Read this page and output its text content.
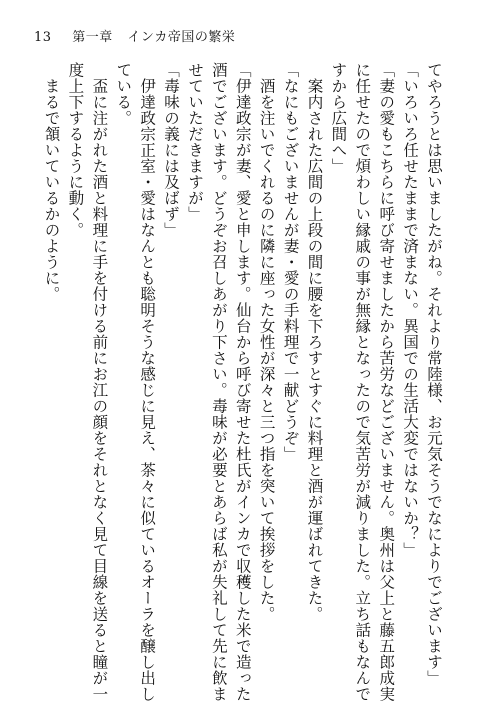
13 第一章 インカ帝国の繁栄
てやろうとは思いましたがね。それより常陸様、お元気そうでなによりでございます」
「いろいろ任せたままで済まない。異国での生活大変ではないか？」
「妻の愛もこちらに呼び寄せましたから苦労などございません。奥州は父上と藤五郎成実
に任せたので煩わしい縁戚の事が無縁となったので気苦労が減りました。立ち話もなんで
すから広間へ」
　案内された広間の上段の間に腰を下ろすとすぐに料理と酒が運ばれてきた。
「なにもございませんが妻・愛の手料理で一献どうぞ」
　酒を注いでくれるのに隣に座った女性が深々と三つ指を突いて挨拶をした。
「伊達政宗が妻、愛と申します。仙台から呼び寄せた杜氏がインカで収穫した米で造った
酒でございます。どうぞお召しあがり下さい。毒味が必要とあらば私が失礼して先に飲ま
せていただきますが」
「毒味の義には及ばず」
　伊達政宗正室・愛はなんとも聡明そうな感じに見え、茶々に似ているオーラを醸し出し
ている。
　盃に注がれた酒と料理に手を付ける前にお江の顔をそれとなく見て目線を送ると瞳が一
度上下するように動く。
　まるで頷いているかのように。
